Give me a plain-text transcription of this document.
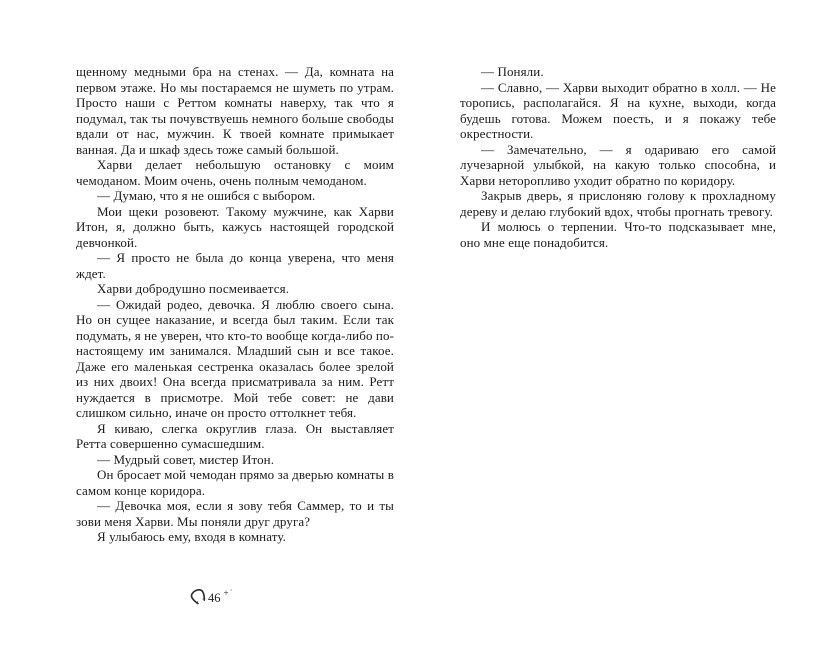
щенному медными бра на стенах. — Да, комната на первом этаже. Но мы постараемся не шуметь по утрам. Просто наши с Реттом комнаты наверху, так что я подумал, так ты почувствуешь немного больше свободы вдали от нас, мужчин. К твоей комнате примыкает ванная. Да и шкаф здесь тоже самый большой.

Харви делает небольшую остановку с моим чемоданом. Моим очень, очень полным чемоданом.

— Думаю, что я не ошибся с выбором.

Мои щеки розовеют. Такому мужчине, как Харви Итон, я, должно быть, кажусь настоящей городской девчонкой.

— Я просто не была до конца уверена, что меня ждет.

Харви добродушно посмеивается.

— Ожидай родео, девочка. Я люблю своего сына. Но он сущее наказание, и всегда был таким. Если так подумать, я не уверен, что кто-то вообще когда-либо по-настоящему им занимался. Младший сын и все такое. Даже его маленькая сестренка оказалась более зрелой из них двоих! Она всегда присматривала за ним. Ретт нуждается в присмотре. Мой тебе совет: не дави слишком сильно, иначе он просто оттолкнет тебя.

Я киваю, слегка округлив глаза. Он выставляет Ретта совершенно сумасшедшим.

— Мудрый совет, мистер Итон.

Он бросает мой чемодан прямо за дверью комнаты в самом конце коридора.

— Девочка моя, если я зову тебя Саммер, то и ты зови меня Харви. Мы поняли друг друга?

Я улыбаюсь ему, входя в комнату.

— Поняли.

— Славно, — Харви выходит обратно в холл. — Не торопись, располагайся. Я на кухне, выходи, когда будешь готова. Можем поесть, и я покажу тебе окрестности.

— Замечательно, — я одариваю его самой лучезарной улыбкой, на какую только способна, и Харви неторопливо уходит обратно по коридору.

Закрыв дверь, я прислоняю голову к прохладному дереву и делаю глубокий вдох, чтобы прогнать тревогу.

И молюсь о терпении. Что-то подсказывает мне, оно мне еще понадобится.

46 +˙
